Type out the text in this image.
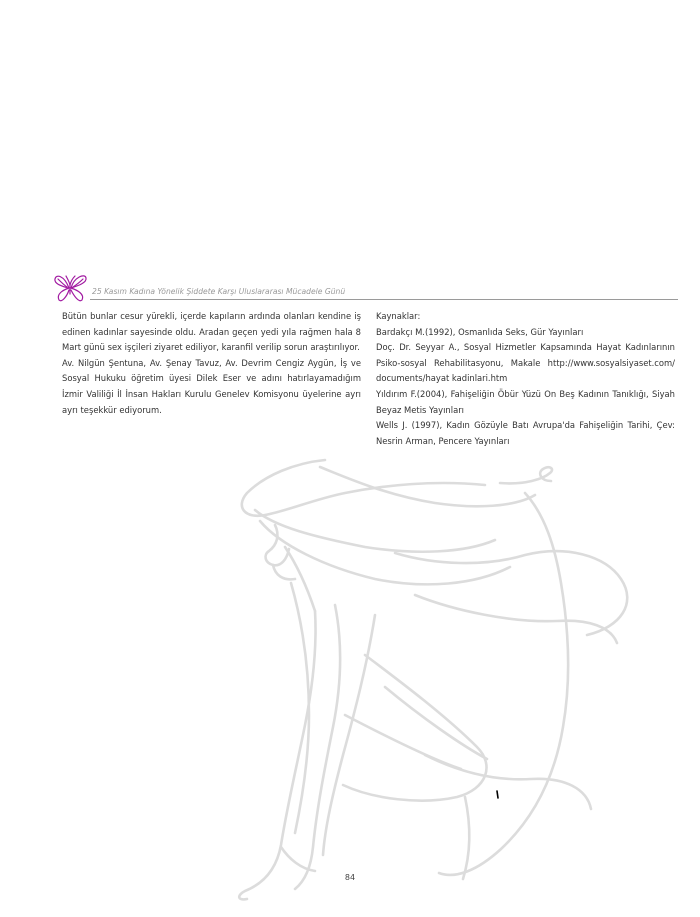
25 Kasım Kadına Yönelik Şiddete Karşı Uluslararası Mücadele Günü

Bütün bunlar cesur yürekli, içerde kapıların ardında olanları kendine iş edinen kadınlar sayesinde oldu. Aradan geçen yedi yıla rağmen hala 8 Mart günü sex işçileri ziyaret ediliyor, karanfil verilip sorun araştırılıyor.

Av. Nilgün Şentuna, Av. Şenay Tavuz, Av. Devrim Cengiz Aygün, İş ve Sosyal Hukuku öğretim üyesi Dilek Eser ve adını hatırlayamadığım İzmir Valiliği İl İnsan Hakları Kurulu Genelev Komisyonu üyelerine ayrı ayrı teşekkür ediyorum.

Kaynaklar:

Bardakçı M.(1992), Osmanlıda Seks, Gür Yayınları

Doç. Dr. Seyyar A., Sosyal Hizmetler Kapsamında Hayat Kadınlarının Psiko-sosyal Rehabilitasyonu, Makale http://www.sosyalsiyaset.com/ documents/hayat kadinlari.htm

Yıldırım F.(2004), Fahişeliğin Öbür Yüzü On Beş Kadının Tanıklığı, Siyah Beyaz Metis Yayınları

Wells J. (1997), Kadın Gözüyle Batı Avrupa'da Fahişeliğin Tarihi, Çev: Nesrin Arman, Pencere Yayınları

84
